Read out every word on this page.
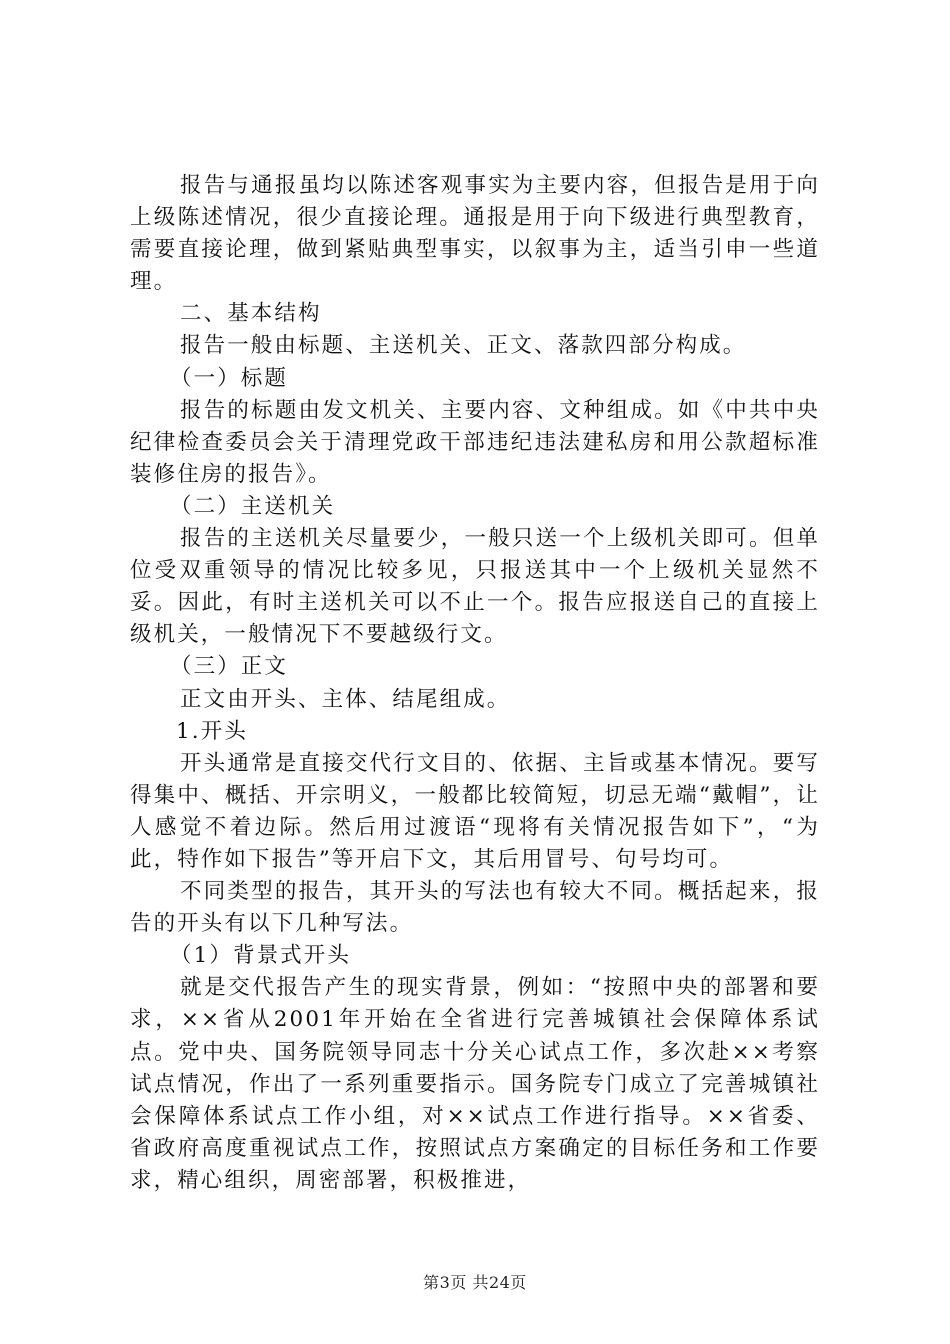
报告与通报虽均以陈述客观事实为主要内容，但报告是用于向上级陈述情况，很少直接论理。通报是用于向下级进行典型教育，需要直接论理，做到紧贴典型事实，以叙事为主，适当引申一些道理。

二、基本结构

报告一般由标题、主送机关、正文、落款四部分构成。

（一）标题

报告的标题由发文机关、主要内容、文种组成。如《中共中央纪律检查委员会关于清理党政干部违纪违法建私房和用公款超标准装修住房的报告》。

（二）主送机关

报告的主送机关尽量要少，一般只送一个上级机关即可。但单位受双重领导的情况比较多见，只报送其中一个上级机关显然不妥。因此，有时主送机关可以不止一个。报告应报送自己的直接上级机关，一般情况下不要越级行文。

（三）正文

正文由开头、主体、结尾组成。

1.开头

开头通常是直接交代行文目的、依据、主旨或基本情况。要写得集中、概括、开宗明义，一般都比较简短，切忌无端“戴帽”，让人感觉不着边际。然后用过渡语“现将有关情况报告如下”，“为此，特作如下报告”等开启下文，其后用冒号、句号均可。

不同类型的报告，其开头的写法也有较大不同。概括起来，报告的开头有以下几种写法。

（1）背景式开头

就是交代报告产生的现实背景，例如：“按照中央的部署和要求，××省从2001年开始在全省进行完善城镇社会保障体系试点。党中央、国务院领导同志十分关心试点工作，多次赴××考察试点情况，作出了一系列重要指示。国务院专门成立了完善城镇社会保障体系试点工作小组，对××试点工作进行指导。××省委、省政府高度重视试点工作，按照试点方案确定的目标任务和工作要求，精心组织，周密部署，积极推进，

第3页 共24页
